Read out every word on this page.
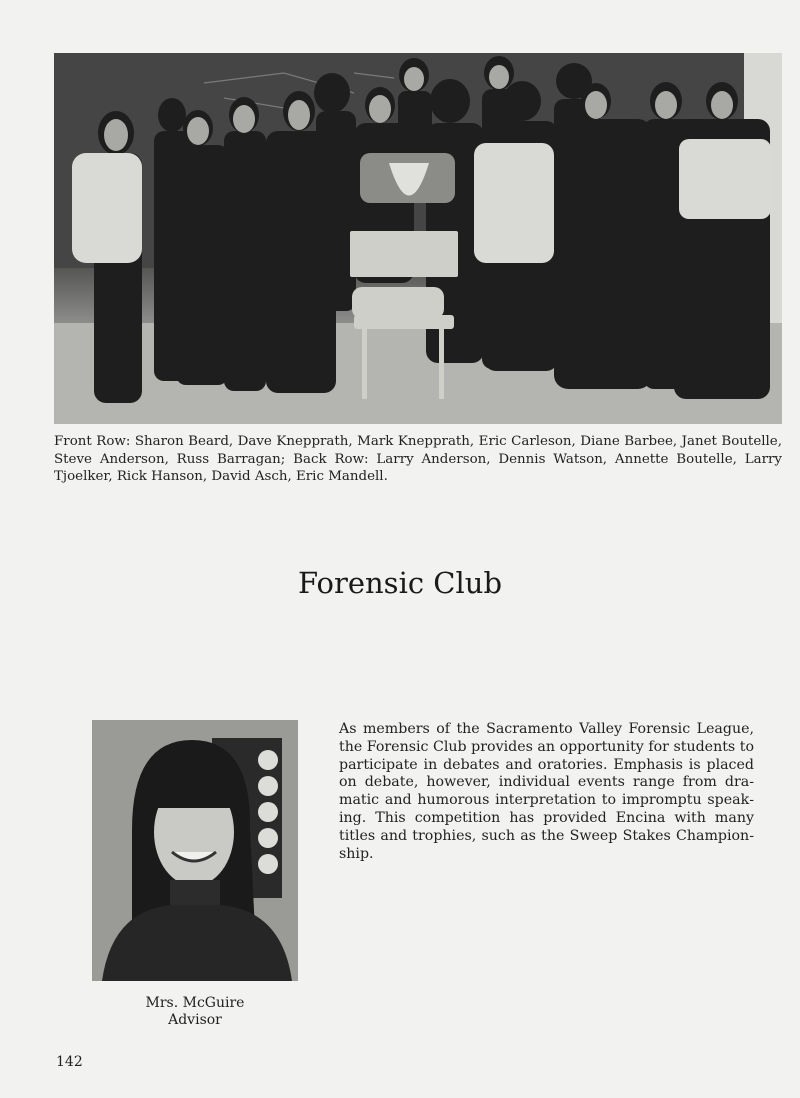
Front Row: Sharon Beard, Dave Knepprath, Mark Knepprath, Eric Carleson, Diane Barbee, Janet Boutelle, Steve Anderson, Russ Barragan; Back Row: Larry Anderson, Dennis Watson, Annette Boutelle, Larry Tjoelker, Rick Hanson, David Asch, Eric Mandell.
Forensic Club
Mrs. McGuire
Advisor
As members of the Sacramento Valley Forensic League, the Forensic Club provides an opportunity for students to participate in debates and oratories. Emphasis is placed on debate, however, individual events range from dramatic and humorous interpretation to impromptu speaking. This competition has provided Encina with many titles and trophies, such as the Sweep Stakes Championship.
142
